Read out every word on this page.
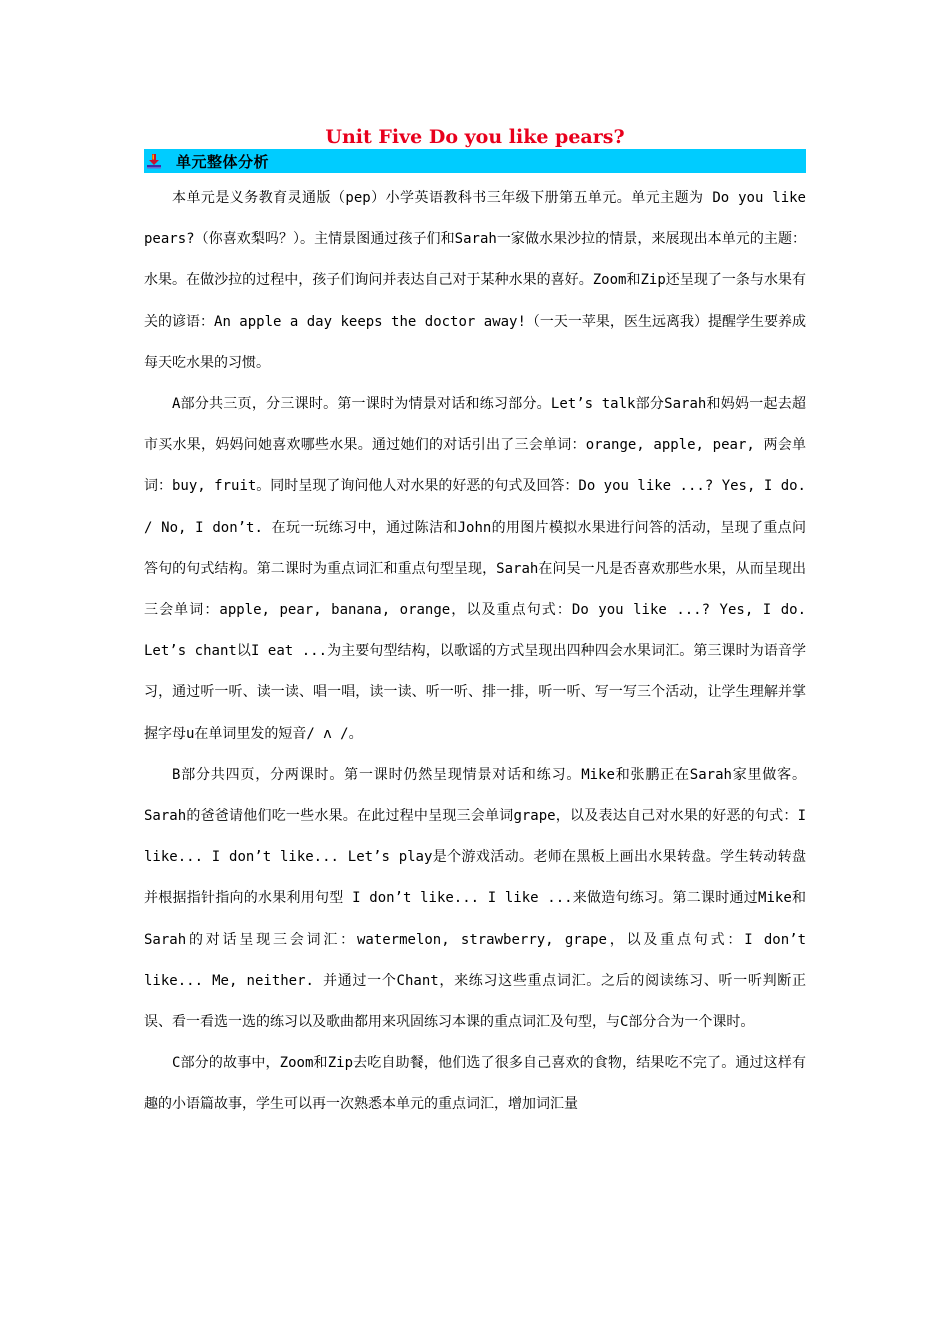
Unit Five Do you like pears?
单元整体分析

本单元是义务教育灵通版（pep）小学英语教科书三年级下册第五单元。单元主题为 Do you like pears?（你喜欢梨吗？）。主情景图通过孩子们和Sarah一家做水果沙拉的情景，来展现出本单元的主题：水果。在做沙拉的过程中，孩子们询问并表达自己对于某种水果的喜好。Zoom和Zip还呈现了一条与水果有关的谚语：An apple a day keeps the doctor away!（一天一苹果，医生远离我）提醒学生要养成每天吃水果的习惯。

A部分共三页，分三课时。第一课时为情景对话和练习部分。Let’s talk部分Sarah和妈妈一起去超市买水果，妈妈问她喜欢哪些水果。通过她们的对话引出了三会单词：orange, apple, pear, 两会单词：buy, fruit。同时呈现了询问他人对水果的好恶的句式及回答：Do you like ...? Yes, I do. / No, I don’t. 在玩一玩练习中，通过陈洁和John的用图片模拟水果进行问答的活动，呈现了重点问答句的句式结构。第二课时为重点词汇和重点句型呈现，Sarah在问吴一凡是否喜欢那些水果，从而呈现出三会单词：apple, pear, banana, orange，以及重点句式：Do you like ...? Yes, I do. Let’s chant以I eat ...为主要句型结构，以歌谣的方式呈现出四种四会水果词汇。第三课时为语音学习，通过听一听、读一读、唱一唱，读一读、听一听、排一排，听一听、写一写三个活动，让学生理解并掌握字母u在单词里发的短音/ ʌ /。

B部分共四页，分两课时。第一课时仍然呈现情景对话和练习。Mike和张鹏正在Sarah家里做客。Sarah的爸爸请他们吃一些水果。在此过程中呈现三会单词grape，以及表达自己对水果的好恶的句式：I like... I don’t like... Let’s play是个游戏活动。老师在黑板上画出水果转盘。学生转动转盘并根据指针指向的水果利用句型 I don’t like... I like ...来做造句练习。第二课时通过Mike和Sarah的对话呈现三会词汇：watermelon, strawberry, grape，以及重点句式：I don’t like... Me, neither. 并通过一个Chant，来练习这些重点词汇。之后的阅读练习、听一听判断正误、看一看选一选的练习以及歌曲都用来巩固练习本课的重点词汇及句型，与C部分合为一个课时。

C部分的故事中，Zoom和Zip去吃自助餐，他们选了很多自己喜欢的食物，结果吃不完了。通过这样有趣的小语篇故事，学生可以再一次熟悉本单元的重点词汇，增加词汇量
